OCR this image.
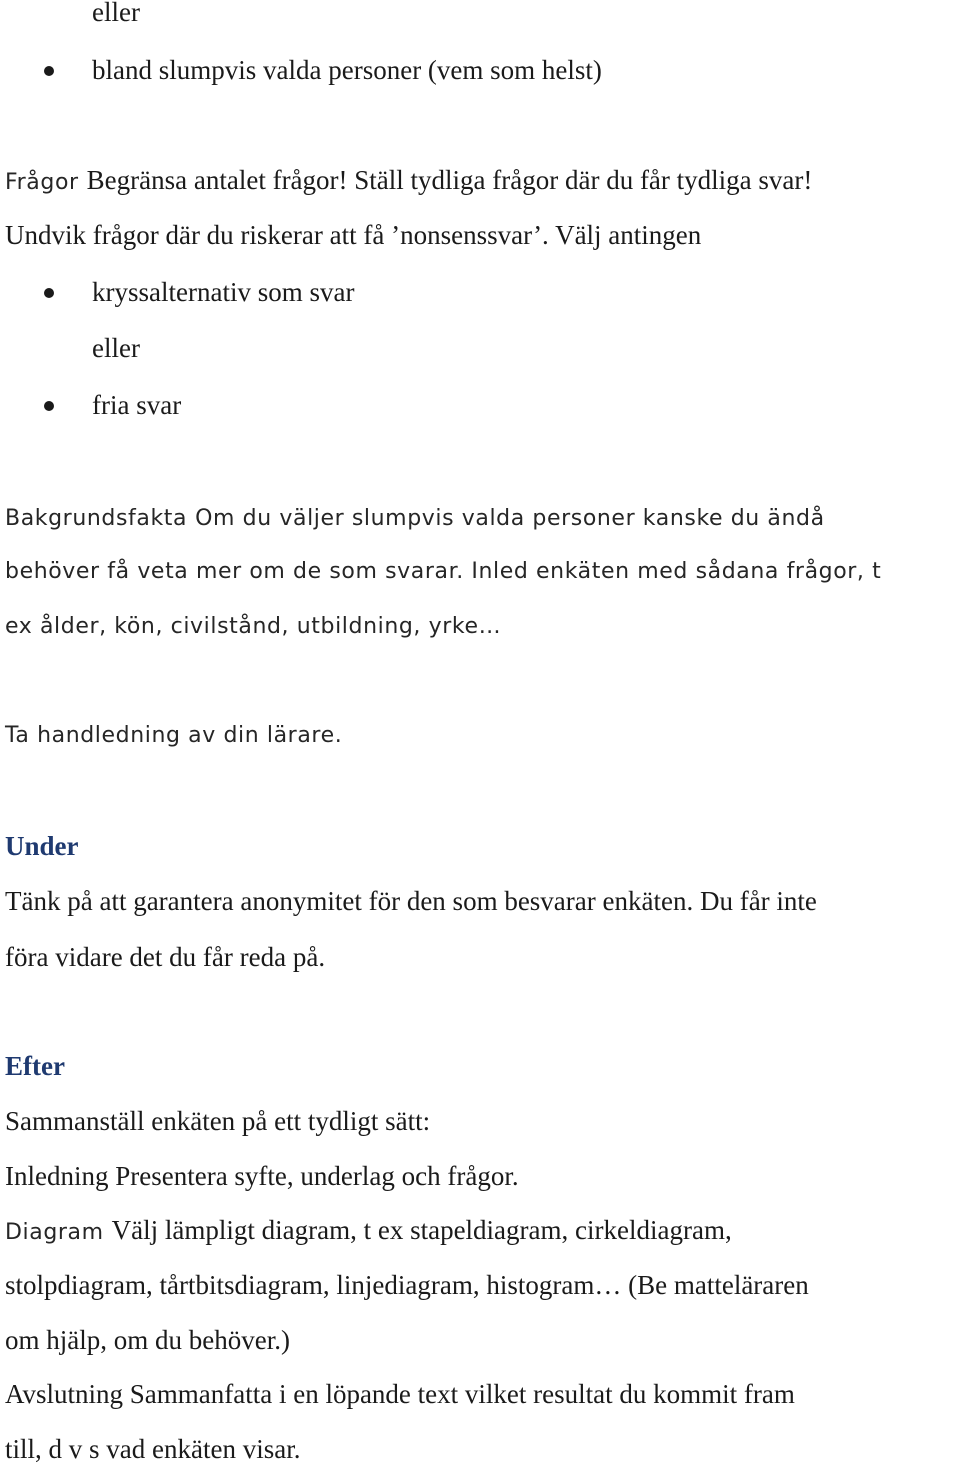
eller
bland slumpvis valda personer (vem som helst)
Frågor Begränsa antalet frågor! Ställ tydliga frågor där du får tydliga svar!
Undvik frågor där du riskerar att få ’nonsenssvar’. Välj antingen
kryssalternativ som svar
eller
fria svar
Bakgrundsfakta Om du väljer slumpvis valda personer kanske du ändå
behöver få veta mer om de som svarar. Inled enkäten med sådana frågor, t
ex ålder, kön, civilstånd, utbildning, yrke…
Ta handledning av din lärare.
Under
Tänk på att garantera anonymitet för den som besvarar enkäten. Du får inte
föra vidare det du får reda på.
Efter
Sammanställ enkäten på ett tydligt sätt:
Inledning Presentera syfte, underlag och frågor.
Diagram Välj lämpligt diagram, t ex stapeldiagram, cirkeldiagram,
stolpdiagram, tårtbitsdiagram, linjediagram, histogram… (Be matteläraren
om hjälp, om du behöver.)
Avslutning Sammanfatta i en löpande text vilket resultat du kommit fram
till, d v s vad enkäten visar.
